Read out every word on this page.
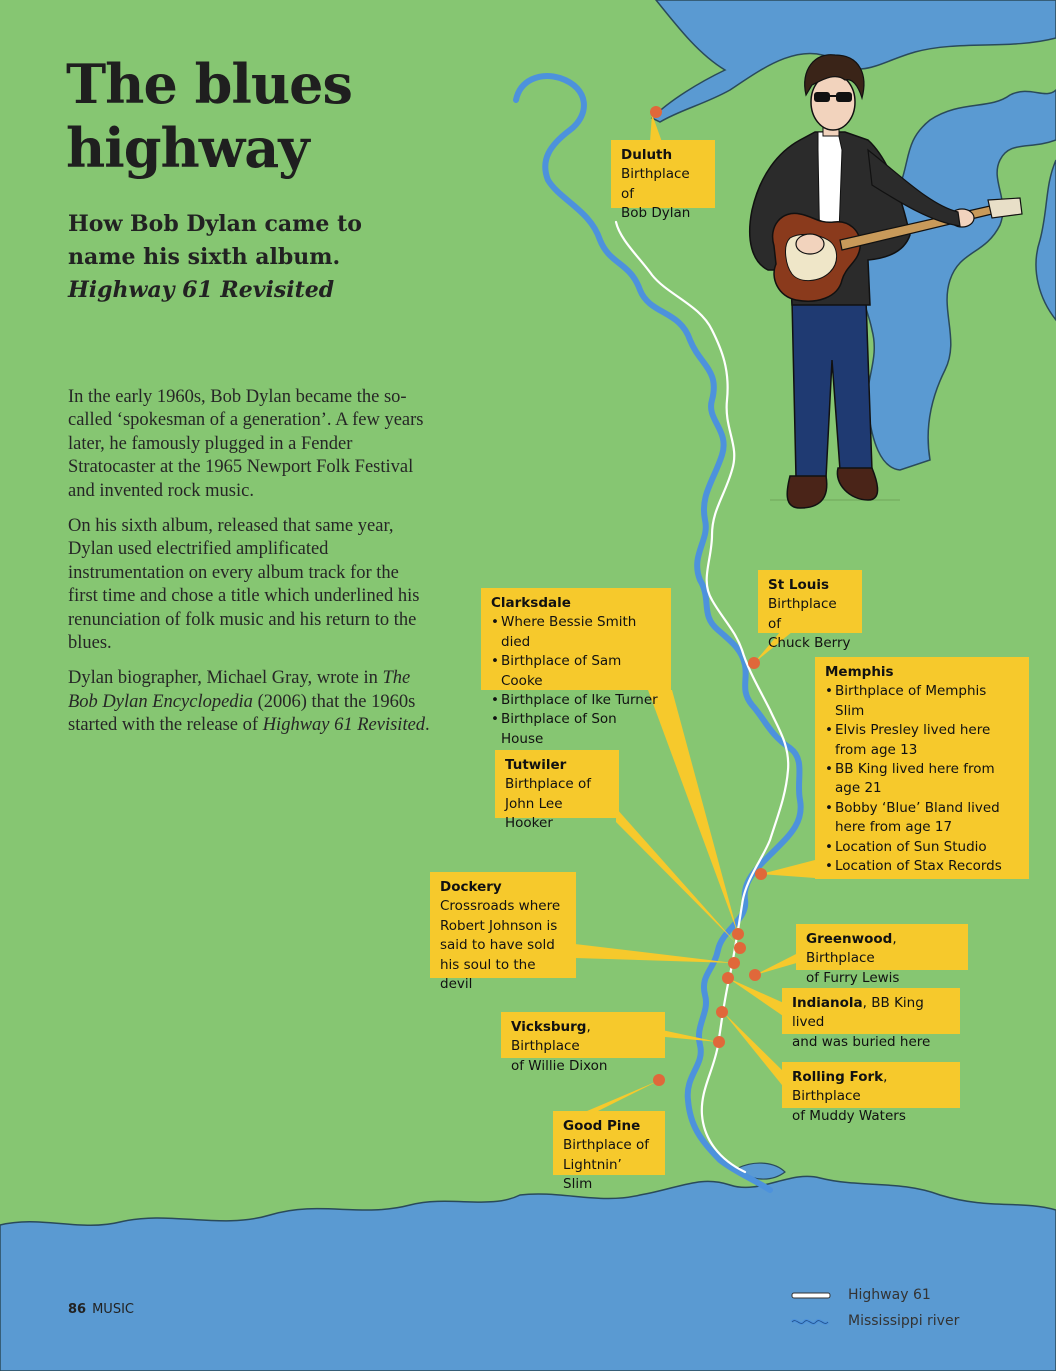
The blues highway
How Bob Dylan came to name his sixth album.
Highway 61 Revisited

In the early 1960s, Bob Dylan became the so-called ‘spokesman of a generation’. A few years later, he famously plugged in a Fender Stratocaster at the 1965 Newport Folk Festival and invented rock music.

On his sixth album, released that same year, Dylan used electrified amplificated instrumentation on every album track for the first time and chose a title which underlined his renunciation of folk music and his return to the blues.

Dylan biographer, Michael Gray, wrote in The Bob Dylan Encyclopedia (2006) that the 1960s started with the release of Highway 61 Revisited.

Duluth
Birthplace of
Bob Dylan
St Louis
Birthplace of
Chuck Berry
Clarksdale
• Where Bessie Smith died
• Birthplace of Sam Cooke
• Birthplace of Ike Turner
• Birthplace of Son House
Memphis
• Birthplace of Memphis Slim
• Elvis Presley lived here from age 13
• BB King lived here from age 21
• Bobby ‘Blue’ Bland lived here from age 17
• Location of Sun Studio
• Location of Stax Records
Tutwiler
Birthplace of
John Lee Hooker
Dockery
Crossroads where
Robert Johnson is
said to have sold
his soul to the devil
Greenwood, Birthplace
of Furry Lewis
Indianola, BB King lived
and was buried here
Vicksburg, Birthplace
of Willie Dixon
Rolling Fork, Birthplace
of Muddy Waters
Good Pine
Birthplace of
Lightnin’ Slim
Highway 61
Mississippi river
86 MUSIC
